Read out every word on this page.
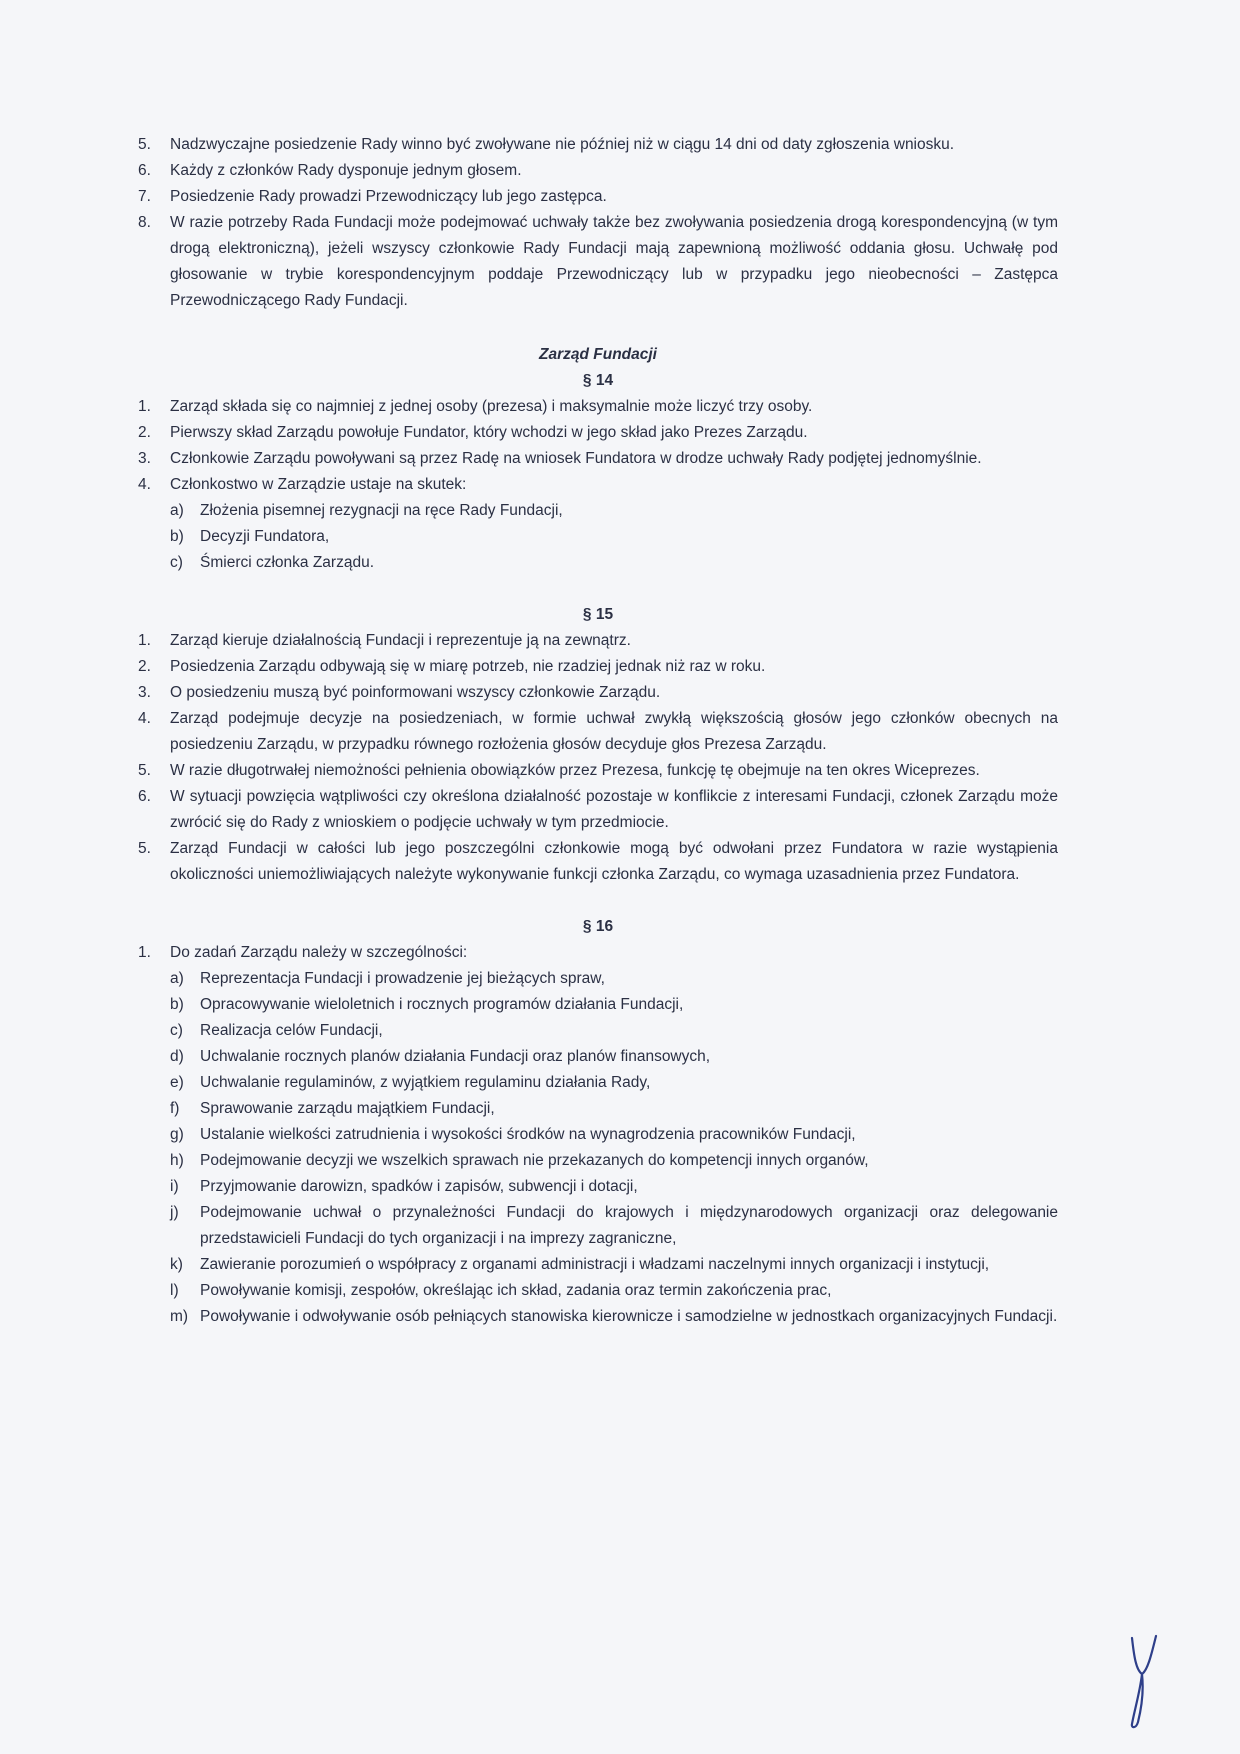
5.	Nadzwyczajne posiedzenie Rady winno być zwoływane nie później niż w ciągu 14 dni od daty zgłoszenia wniosku.
6.	Każdy z członków Rady dysponuje jednym głosem.
7.	Posiedzenie Rady prowadzi Przewodniczący lub jego zastępca.
8.	W razie potrzeby Rada Fundacji może podejmować uchwały także bez zwoływania posiedzenia drogą korespondencyjną (w tym drogą elektroniczną), jeżeli wszyscy członkowie Rady Fundacji mają zapewnioną możliwość oddania głosu. Uchwałę pod głosowanie w trybie korespondencyjnym poddaje Przewodniczący lub w przypadku jego nieobecności – Zastępca Przewodniczącego Rady Fundacji.

Zarząd Fundacji

§ 14

1.	Zarząd składa się co najmniej z jednej osoby (prezesa) i maksymalnie może liczyć trzy osoby.
2.	Pierwszy skład Zarządu powołuje Fundator, który wchodzi w jego skład jako Prezes Zarządu.
3.	Członkowie Zarządu powoływani są przez Radę na wniosek Fundatora w drodze uchwały Rady podjętej jednomyślnie.
4.	Członkostwo w Zarządzie ustaje na skutek:
a)	Złożenia pisemnej rezygnacji na ręce Rady Fundacji,
b)	Decyzji Fundatora,
c)	Śmierci członka Zarządu.

§ 15

1.	Zarząd kieruje działalnością Fundacji i reprezentuje ją na zewnątrz.
2.	Posiedzenia Zarządu odbywają się w miarę potrzeb, nie rzadziej jednak niż raz w roku.
3.	O posiedzeniu muszą być poinformowani wszyscy członkowie Zarządu.
4.	Zarząd podejmuje decyzje na posiedzeniach, w formie uchwał zwykłą większością głosów jego członków obecnych na posiedzeniu Zarządu, w przypadku równego rozłożenia głosów decyduje głos Prezesa Zarządu.
5.	W razie długotrwałej niemożności pełnienia obowiązków przez Prezesa, funkcję tę obejmuje na ten okres Wiceprezes.
6.	W sytuacji powzięcia wątpliwości czy określona działalność pozostaje w konflikcie z interesami Fundacji, członek Zarządu może zwrócić się do Rady z wnioskiem o podjęcie uchwały w tym przedmiocie.
5.	Zarząd Fundacji w całości lub jego poszczególni członkowie mogą być odwołani przez Fundatora w razie wystąpienia okoliczności uniemożliwiających należyte wykonywanie funkcji członka Zarządu, co wymaga uzasadnienia przez Fundatora.

§ 16

1.	Do zadań Zarządu należy w szczególności:
a)	Reprezentacja Fundacji i prowadzenie jej bieżących spraw,
b)	Opracowywanie wieloletnich i rocznych programów działania Fundacji,
c)	Realizacja celów Fundacji,
d)	Uchwalanie rocznych planów działania Fundacji oraz planów finansowych,
e)	Uchwalanie regulaminów, z wyjątkiem regulaminu działania Rady,
f)	Sprawowanie zarządu majątkiem Fundacji,
g)	Ustalanie wielkości zatrudnienia i wysokości środków na wynagrodzenia pracowników Fundacji,
h)	Podejmowanie decyzji we wszelkich sprawach nie przekazanych do kompetencji innych organów,
i)	Przyjmowanie darowizn, spadków i zapisów, subwencji i dotacji,
j)	Podejmowanie uchwał o przynależności Fundacji do krajowych i międzynarodowych organizacji oraz delegowanie przedstawicieli Fundacji do tych organizacji i na imprezy zagraniczne,
k)	Zawieranie porozumień o współpracy z organami administracji i władzami naczelnymi innych organizacji i instytucji,
l)	Powoływanie komisji, zespołów, określając ich skład, zadania oraz termin zakończenia prac,
m) Powoływanie i odwoływanie osób pełniących stanowiska kierownicze i samodzielne w jednostkach organizacyjnych Fundacji.
